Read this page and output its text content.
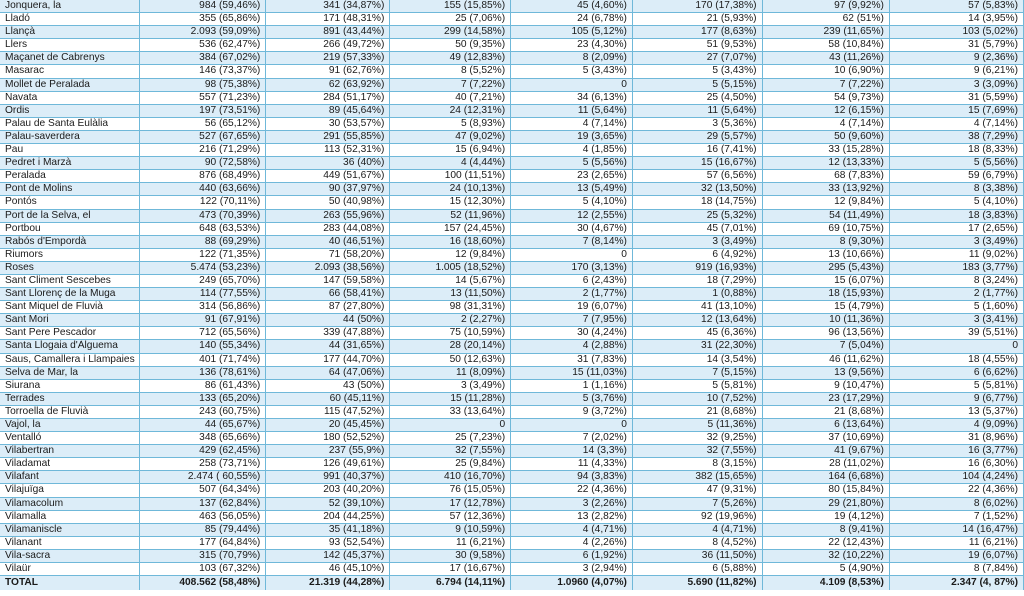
Jonquera, la	984 (59,46%)	341 (34,87%)	155 (15,85%)	45 (4,60%)	170 (17,38%)	97 (9,92%)	57 (5,83%)
Lladó	355 (65,86%)	171 (48,31%)	25 (7,06%)	24 (6,78%)	21 (5,93%)	62 (51%)	14 (3,95%)
Llançà	2.093 (59,09%)	891 (43,44%)	299 (14,58%)	105 (5,12%)	177 (8,63%)	239 (11,65%)	103 (5,02%)
Llers	536 (62,47%)	266 (49,72%)	50 (9,35%)	23 (4,30%)	51 (9,53%)	58 (10,84%)	31 (5,79%)
Maçanet de Cabrenys	384 (67,02%)	219 (57,33%)	49 (12,83%)	8 (2,09%)	27 (7,07%)	43 (11,26%)	9 (2,36%)
Masarac	146 (73,37%)	91 (62,76%)	8 (5,52%)	5 (3,43%)	5 (3,43%)	10 (6,90%)	9 (6,21%)
Mollet de Peralada	98 (75,38%)	62 (63,92%)	7 (7,22%)	0	5 (5,15%)	7 (7,22%)	3 (3,09%)
Navata	557 (71,23%)	284 (51,17%)	40 (7,21%)	34 (6,13%)	25 (4,50%)	54 (9,73%)	31 (5,59%)
Ordis	197 (73,51%)	89 (45,64%)	24 (12,31%)	11 (5,64%)	11 (5,64%)	12 (6,15%)	15 (7,69%)
Palau de Santa Eulàlia	56 (65,12%)	30 (53,57%)	5 (8,93%)	4 (7,14%)	3 (5,36%)	4 (7,14%)	4 (7,14%)
Palau-saverdera	527 (67,65%)	291 (55,85%)	47 (9,02%)	19 (3,65%)	29 (5,57%)	50 (9,60%)	38 (7,29%)
Pau	216 (71,29%)	113 (52,31%)	15 (6,94%)	4 (1,85%)	16 (7,41%)	33 (15,28%)	18 (8,33%)
Pedret i Marzà	90 (72,58%)	36 (40%)	4 (4,44%)	5 (5,56%)	15 (16,67%)	12 (13,33%)	5 (5,56%)
Peralada	876 (68,49%)	449 (51,67%)	100 (11,51%)	23 (2,65%)	57 (6,56%)	68 (7,83%)	59 (6,79%)
Pont de Molins	440 (63,66%)	90 (37,97%)	24 (10,13%)	13 (5,49%)	32 (13,50%)	33 (13,92%)	8 (3,38%)
Pontós	122 (70,11%)	50 (40,98%)	15 (12,30%)	5 (4,10%)	18 (14,75%)	12 (9,84%)	5 (4,10%)
Port de la Selva, el	473 (70,39%)	263 (55,96%)	52 (11,96%)	12 (2,55%)	25 (5,32%)	54 (11,49%)	18 (3,83%)
Portbou	648 (63,53%)	283 (44,08%)	157 (24,45%)	30 (4,67%)	45 (7,01%)	69 (10,75%)	17 (2,65%)
Rabós d'Empordà	88 (69,29%)	40 (46,51%)	16 (18,60%)	7 (8,14%)	3 (3,49%)	8 (9,30%)	3 (3,49%)
Riumors	122 (71,35%)	71 (58,20%)	12 (9,84%)	0	6 (4,92%)	13 (10,66%)	11 (9,02%)
Roses	5.474 (53,23%)	2.093 (38,56%)	1.005 (18,52%)	170 (3,13%)	919 (16,93%)	295 (5,43%)	183 (3,77%)
Sant Climent Sescebes	249 (65,70%)	147 (59,58%)	14 (5,67%)	6 (2,43%)	18 (7,29%)	15 (6,07%)	8 (3,24%)
Sant Llorenç de la Muga	114 (77,55%)	66 (58,41%)	13 (11,50%)	2 (1,77%)	1 (0,88%)	18 (15,93%)	2 (1,77%)
Sant Miquel de Fluvià	314 (56,86%)	87 (27,80%)	98 (31,31%)	19 (6,07%)	41 (13,10%)	15 (4,79%)	5 (1,60%)
Sant Mori	91 (67,91%)	44 (50%)	2 (2,27%)	7 (7,95%)	12 (13,64%)	10 (11,36%)	3 (3,41%)
Sant Pere Pescador	712 (65,56%)	339 (47,88%)	75 (10,59%)	30 (4,24%)	45 (6,36%)	96 (13,56%)	39 (5,51%)
Santa Llogaia d'Àlguema	140 (55,34%)	44 (31,65%)	28 (20,14%)	4 (2,88%)	31 (22,30%)	7 (5,04%)	0
Saus, Camallera i Llampaies	401 (71,74%)	177 (44,70%)	50 (12,63%)	31 (7,83%)	14 (3,54%)	46 (11,62%)	18 (4,55%)
Selva de Mar, la	136 (78,61%)	64 (47,06%)	11 (8,09%)	15 (11,03%)	7 (5,15%)	13 (9,56%)	6 (6,62%)
Siurana	86 (61,43%)	43 (50%)	3 (3,49%)	1 (1,16%)	5 (5,81%)	9 (10,47%)	5 (5,81%)
Terrades	133 (65,20%)	60 (45,11%)	15 (11,28%)	5 (3,76%)	10 (7,52%)	23 (17,29%)	9 (6,77%)
Torroella de Fluvià	243 (60,75%)	115 (47,52%)	33 (13,64%)	9 (3,72%)	21 (8,68%)	21 (8,68%)	13 (5,37%)
Vajol, la	44 (65,67%)	20 (45,45%)	0	0	5 (11,36%)	6 (13,64%)	4 (9,09%)
Ventalló	348 (65,66%)	180 (52,52%)	25 (7,23%)	7 (2,02%)	32 (9,25%)	37 (10,69%)	31 (8,96%)
Vilabertran	429 (62,45%)	237 (55,9%)	32 (7,55%)	14 (3,3%)	32 (7,55%)	41 (9,67%)	16 (3,77%)
Viladamat	258 (73,71%)	126 (49,61%)	25 (9,84%)	11 (4,33%)	8 (3,15%)	28 (11,02%)	16 (6,30%)
Vilafant	2.474 ( 60,55%)	991 (40,37%)	410 (16,70%)	94 (3,83%)	382 (15,65%)	164 (6,68%)	104 (4,24%)
Vilajuïga	507 (64,34%)	203 (40,20%)	76 (15,05%)	22 (4,36%)	47 (9,31%)	80 (15,84%)	22 (4,36%)
Vilamacolum	137 (62,84%)	52 (39,10%)	17 (12,78%)	3 (2,26%)	7 (5,26%)	29 (21,80%)	8 (6,02%)
Vilamalla	463 (56,05%)	204 (44,25%)	57 (12,36%)	13 (2,82%)	92 (19,96%)	19 (4,12%)	7 (1,52%)
Vilamaniscle	85 (79,44%)	35 (41,18%)	9 (10,59%)	4 (4,71%)	4 (4,71%)	8 (9,41%)	14 (16,47%)
Vilanant	177 (64,84%)	93 (52,54%)	11 (6,21%)	4 (2,26%)	8 (4,52%)	22 (12,43%)	11 (6,21%)
Vila-sacra	315 (70,79%)	142 (45,37%)	30 (9,58%)	6 (1,92%)	36 (11,50%)	32 (10,22%)	19 (6,07%)
Vilaür	103 (67,32%)	46 (45,10%)	17 (16,67%)	3 (2,94%)	6 (5,88%)	5 (4,90%)	8 (7,84%)
TOTAL	408.562 (58,48%)	21.319 (44,28%)	6.794 (14,11%)	1.0960 (4,07%)	5.690 (11,82%)	4.109 (8,53%)	2.347 (4, 87%)
